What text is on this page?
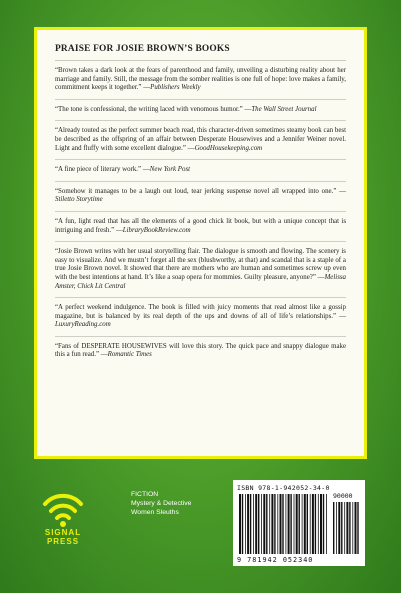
PRAISE FOR JOSIE BROWN’S BOOKS

“Brown takes a dark look at the fears of parenthood and family, unveiling a disturbing reality about her marriage and family. Still, the message from the somber realities is one full of hope: love makes a family, commitment keeps it together.” —Publishers Weekly

“The tone is confessional, the writing laced with venomous humor.” —The Wall Street Journal

“Already touted as the perfect summer beach read, this character-driven sometimes steamy book can best be described as the offspring of an affair between Desperate Housewives and a Jennifer Weiner novel. Light and fluffy with some excellent dialogue.” —GoodHousekeeping.com

“A fine piece of literary work.” —New York Post

“Somehow it manages to be a laugh out loud, tear jerking suspense novel all wrapped into one.” —Stiletto Storytime

“A fun, light read that has all the elements of a good chick lit book, but with a unique concept that is intriguing and fresh.” —LibraryBookReview.com

“Josie Brown writes with her usual storytelling flair. The dialogue is smooth and flowing. The scenery is easy to visualize. And we mustn’t forget all the sex (blushworthy, at that) and scandal that is a staple of a true Josie Brown novel. It showed that there are mothers who are human and sometimes screw up even with the best intentions at hand. It’s like a soap opera for mommies. Guilty pleasure, anyone?” —Melissa Amster, Chick Lit Central

“A perfect weekend indulgence. The book is filled with juicy moments that read almost like a gossip magazine, but is balanced by its real depth of the ups and downs of all of life’s relationships.” —LuxuryReading.com

“Fans of DESPERATE HOUSEWIVES will love this story. The quick pace and snappy dialogue make this a fun read.” —Romantic Times

SIGNAL
PRESS
FICTION
Mystery & Detective
Women Sleuths
ISBN 978-1-942052-34-0
90000
9 781942 052340
